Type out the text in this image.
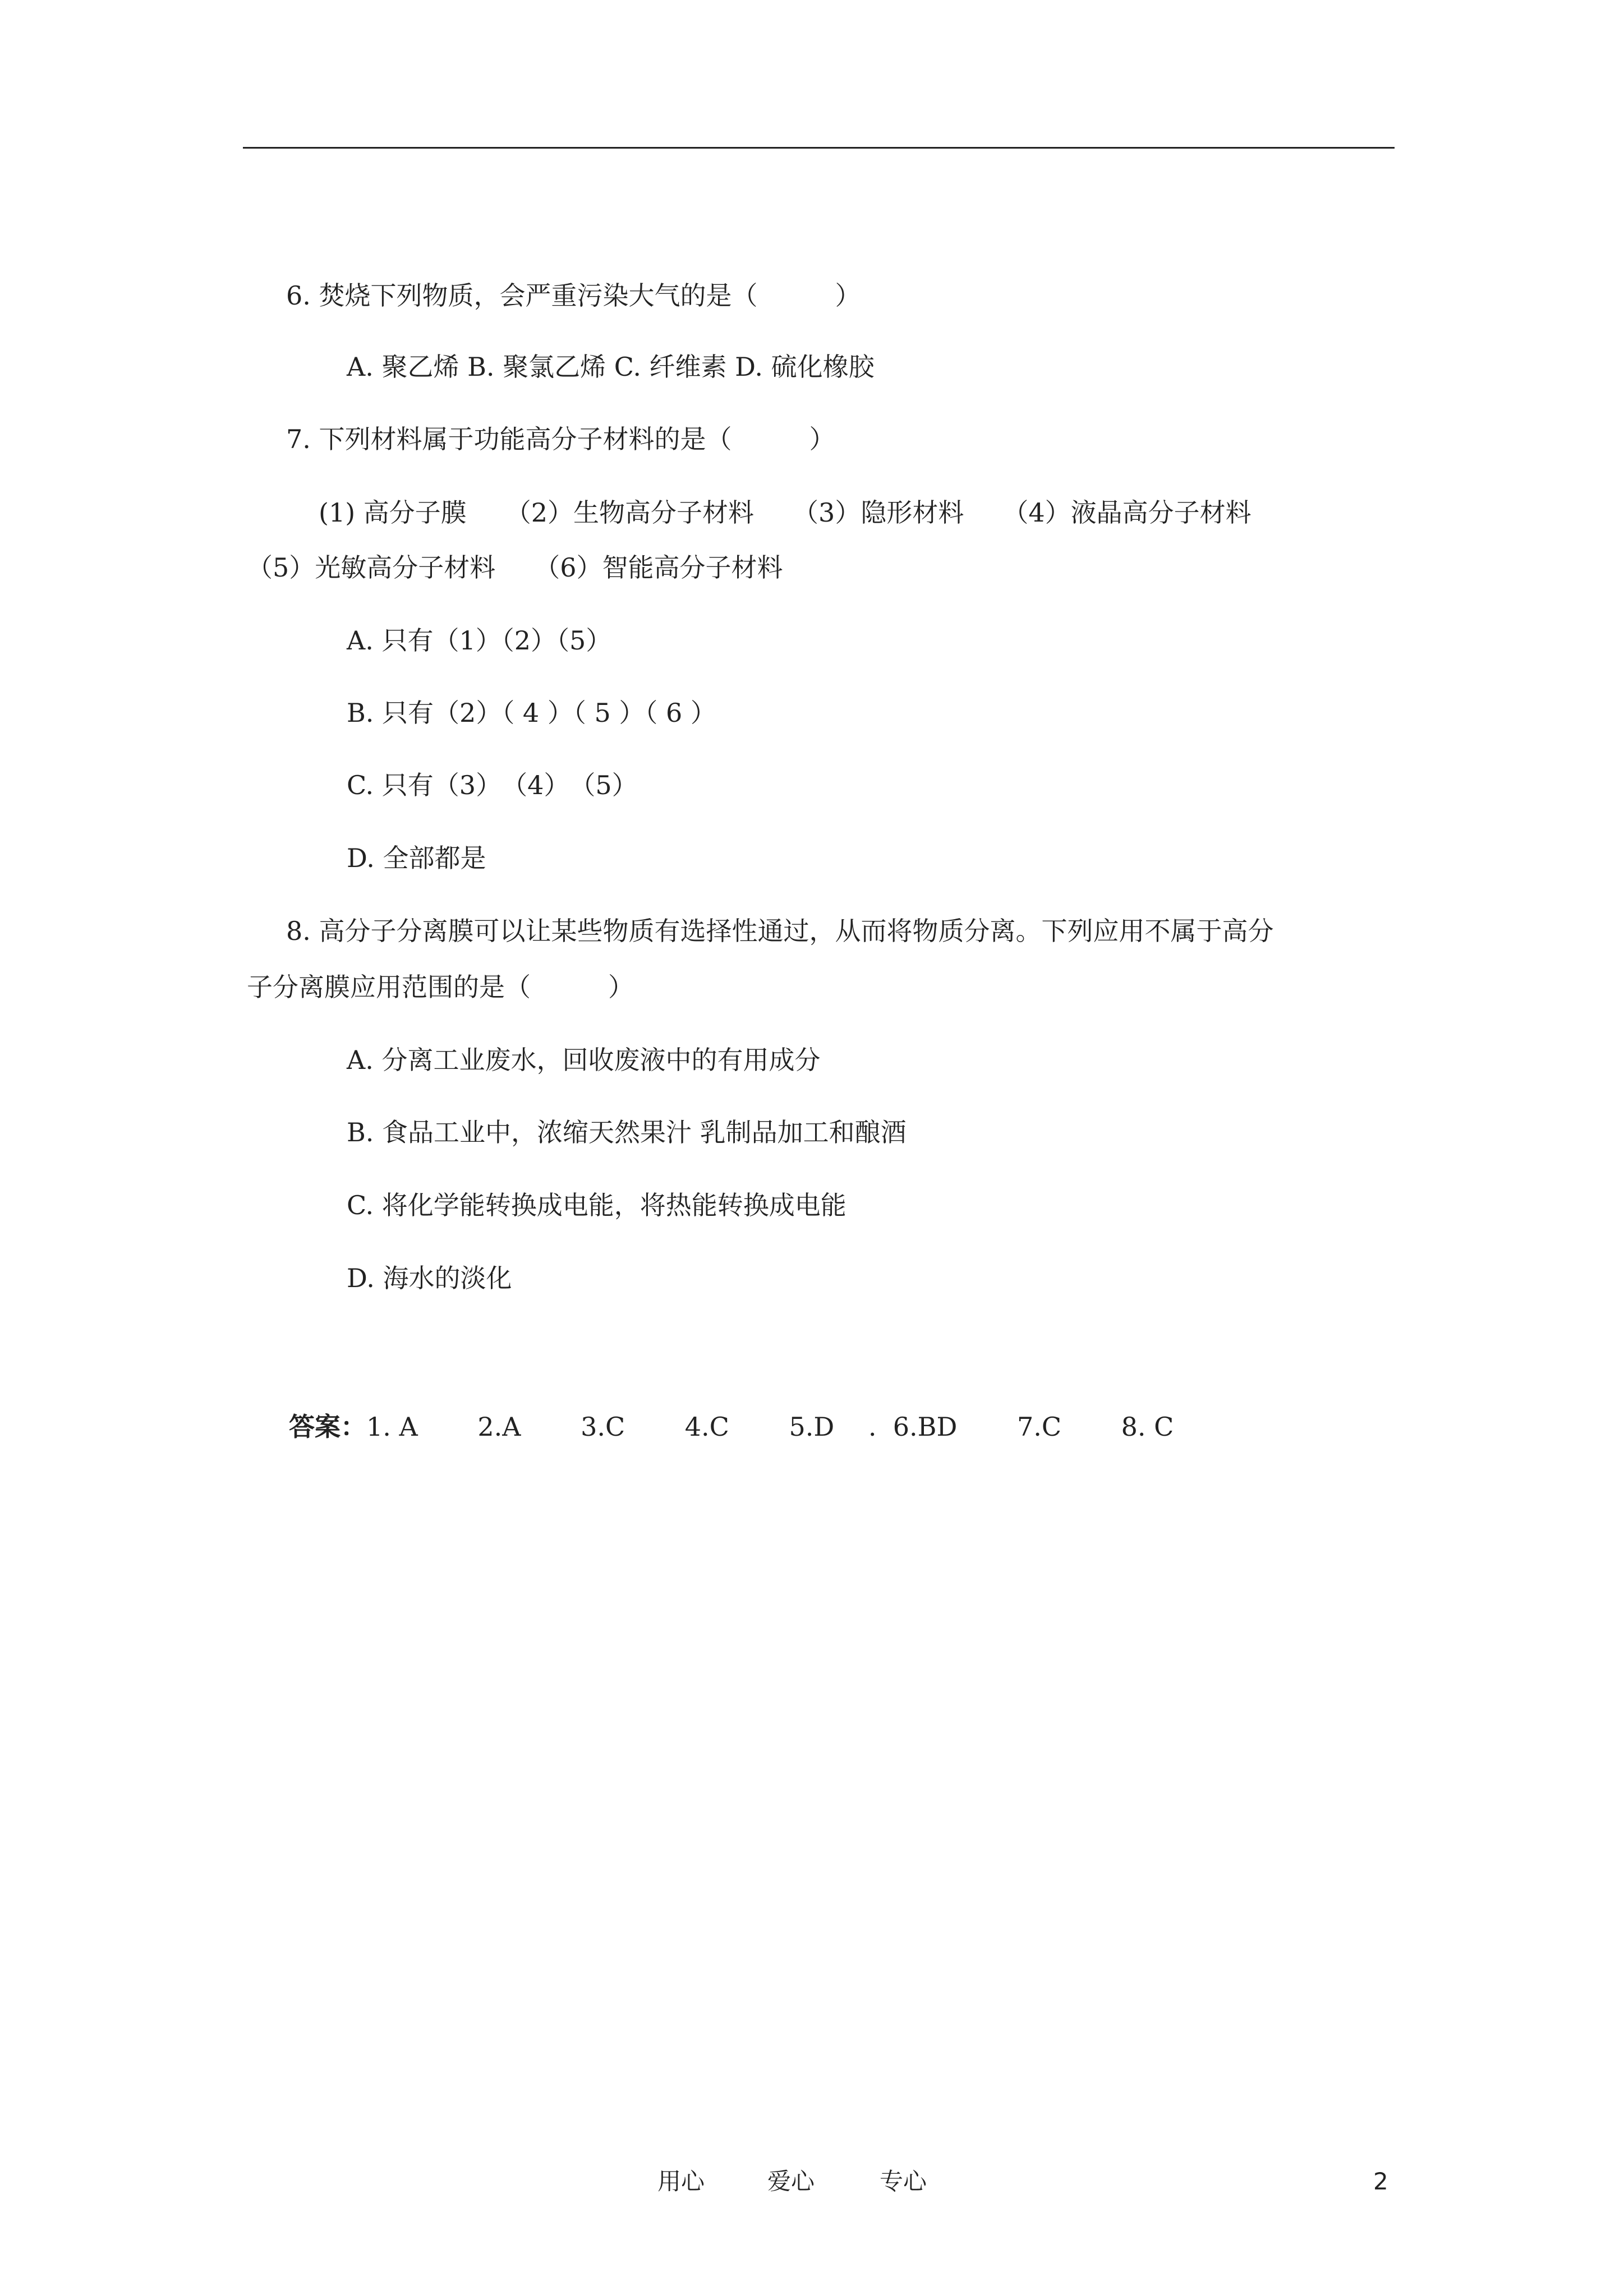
6. 焚烧下列物质，会严重污染大气的是（　　　）
A. 聚乙烯 B. 聚氯乙烯 C. 纤维素 D. 硫化橡胶
7. 下列材料属于功能高分子材料的是（　　　）
(1) 高分子膜　　（2）生物高分子材料　　（3）隐形材料　　（4）液晶高分子材料
（5）光敏高分子材料　　（6）智能高分子材料
A. 只有（1）（2）（5）
B. 只有（2）（ 4 ）（ 5 ）（ 6 ）
C. 只有（3）　（4）　（5）
D. 全部都是
8. 高分子分离膜可以让某些物质有选择性通过，从而将物质分离。下列应用不属于高分
子分离膜应用范围的是（　　　）
A. 分离工业废水，回收废液中的有用成分
B. 食品工业中，浓缩天然果汁 乳制品加工和酿酒
C. 将化学能转换成电能，将热能转换成电能
D. 海水的淡化
答案：1. A　　 2.A　　 3.C　　 4.C　　 5.D　 .  6.BD　　 7.C　　 8. C
用心	爱心	专心	2
